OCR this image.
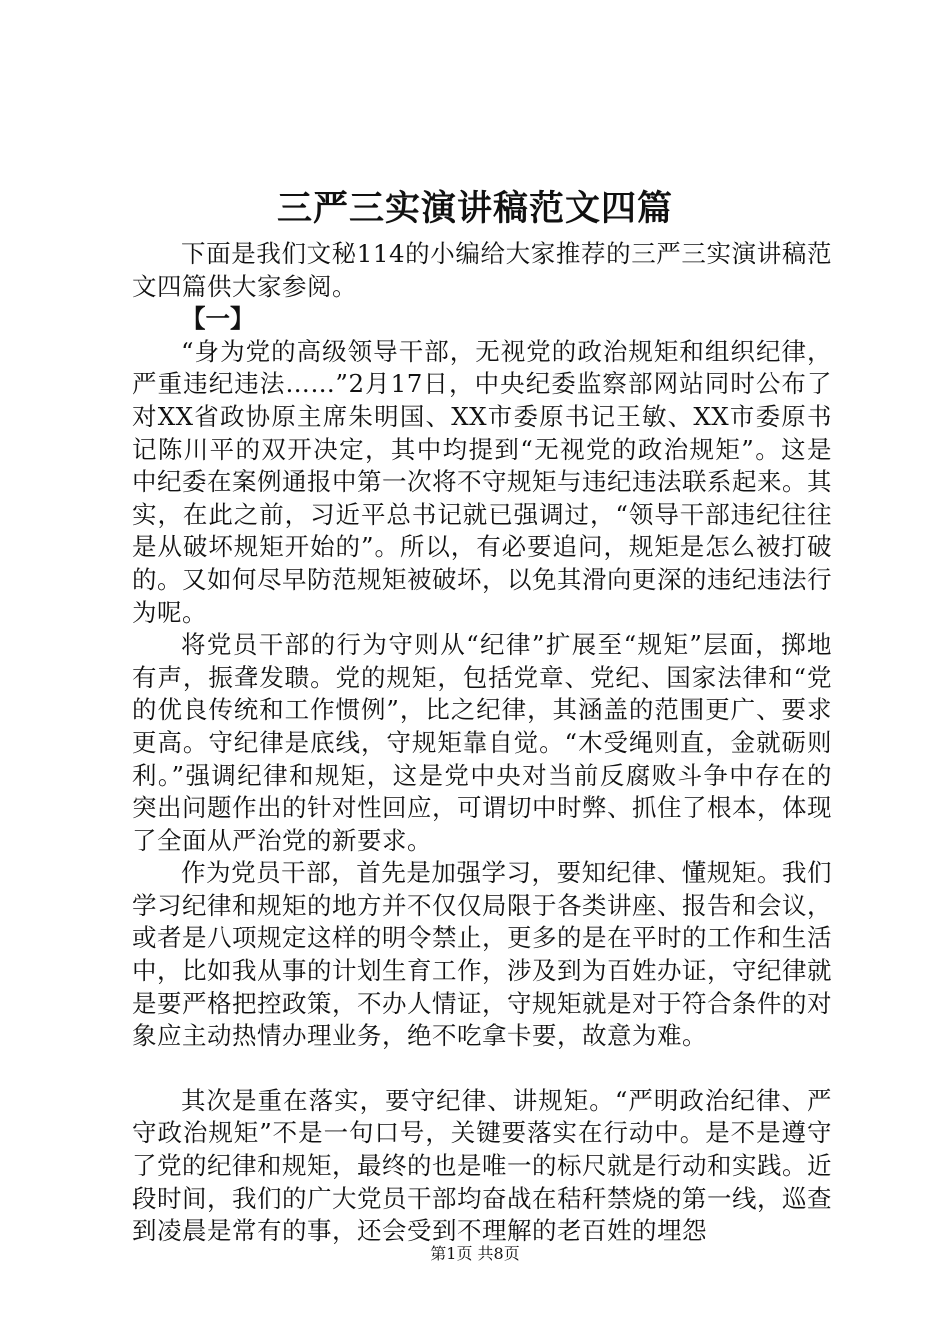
三严三实演讲稿范文四篇

下面是我们文秘114的小编给大家推荐的三严三实演讲稿范文四篇供大家参阅。

【一】

“身为党的高级领导干部，无视党的政治规矩和组织纪律，严重违纪违法……”2月17日，中央纪委监察部网站同时公布了对XX省政协原主席朱明国、XX市委原书记王敏、XX市委原书记陈川平的双开决定，其中均提到“无视党的政治规矩”。这是中纪委在案例通报中第一次将不守规矩与违纪违法联系起来。其实，在此之前，习近平总书记就已强调过，“领导干部违纪往往是从破坏规矩开始的”。所以，有必要追问，规矩是怎么被打破的。又如何尽早防范规矩被破坏，以免其滑向更深的违纪违法行为呢。

将党员干部的行为守则从“纪律”扩展至“规矩”层面，掷地有声，振聋发聩。党的规矩，包括党章、党纪、国家法律和“党的优良传统和工作惯例”，比之纪律，其涵盖的范围更广、要求更高。守纪律是底线，守规矩靠自觉。“木受绳则直，金就砺则利。”强调纪律和规矩，这是党中央对当前反腐败斗争中存在的突出问题作出的针对性回应，可谓切中时弊、抓住了根本，体现了全面从严治党的新要求。

作为党员干部，首先是加强学习，要知纪律、懂规矩。我们学习纪律和规矩的地方并不仅仅局限于各类讲座、报告和会议，或者是八项规定这样的明令禁止，更多的是在平时的工作和生活中，比如我从事的计划生育工作，涉及到为百姓办证，守纪律就是要严格把控政策，不办人情证，守规矩就是对于符合条件的对象应主动热情办理业务，绝不吃拿卡要，故意为难。

其次是重在落实，要守纪律、讲规矩。“严明政治纪律、严守政治规矩”不是一句口号，关键要落实在行动中。是不是遵守了党的纪律和规矩，最终的也是唯一的标尺就是行动和实践。近段时间，我们的广大党员干部均奋战在秸秆禁烧的第一线，巡查到凌晨是常有的事，还会受到不理解的老百姓的埋怨

第1页 共8页
